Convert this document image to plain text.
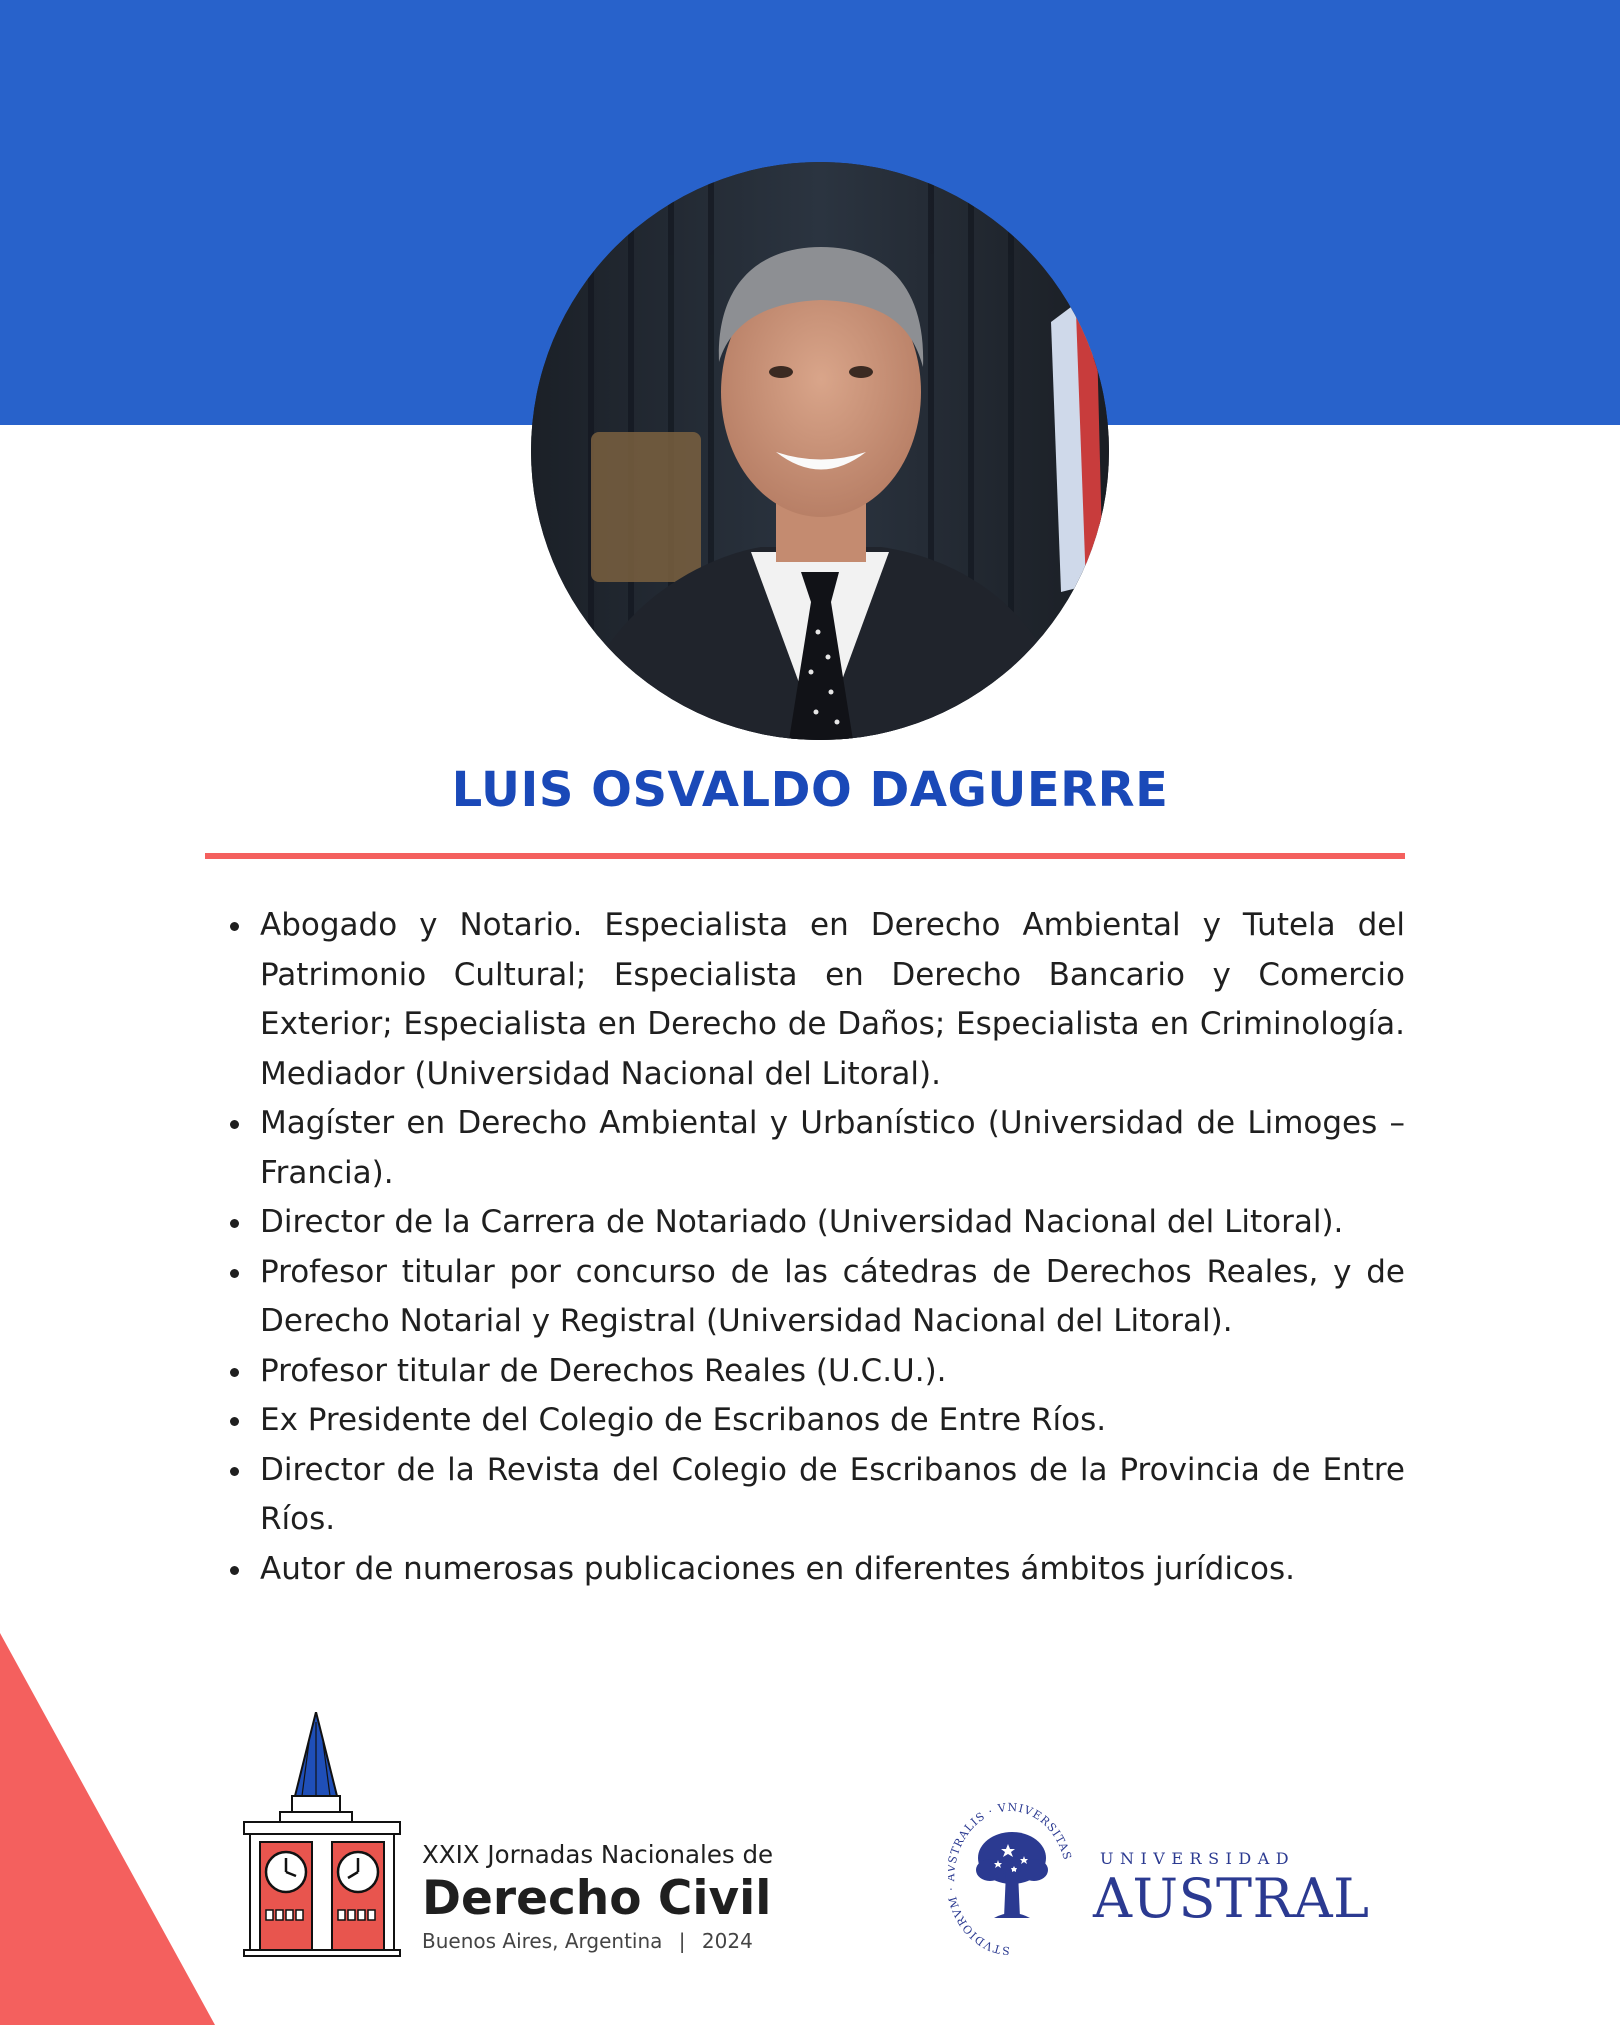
LUIS OSVALDO DAGUERRE
Abogado y Notario. Especialista en Derecho Ambiental y Tutela del Patrimonio Cultural; Especialista en Derecho Bancario y Comercio Exterior; Especialista en Derecho de Daños; Especialista en Criminología. Mediador (Universidad Nacional del Litoral).
Magíster en Derecho Ambiental y Urbanístico (Universidad de Limoges – Francia).
Director de la Carrera de Notariado (Universidad Nacional del Litoral).
Profesor titular por concurso de las cátedras de Derechos Reales, y de Derecho Notarial y Registral (Universidad Nacional del Litoral).
Profesor titular de Derechos Reales (U.C.U.).
Ex Presidente del Colegio de Escribanos de Entre Ríos.
Director de la Revista del Colegio de Escribanos de la Provincia de Entre Ríos.
Autor de numerosas publicaciones en diferentes ámbitos jurídicos.
XXIX Jornadas Nacionales de
Derecho Civil
Buenos Aires, Argentina | 2024	STVDIORV TRALIS · VNIVERSITAS UNIVERSIDAD
AUSTRAL
